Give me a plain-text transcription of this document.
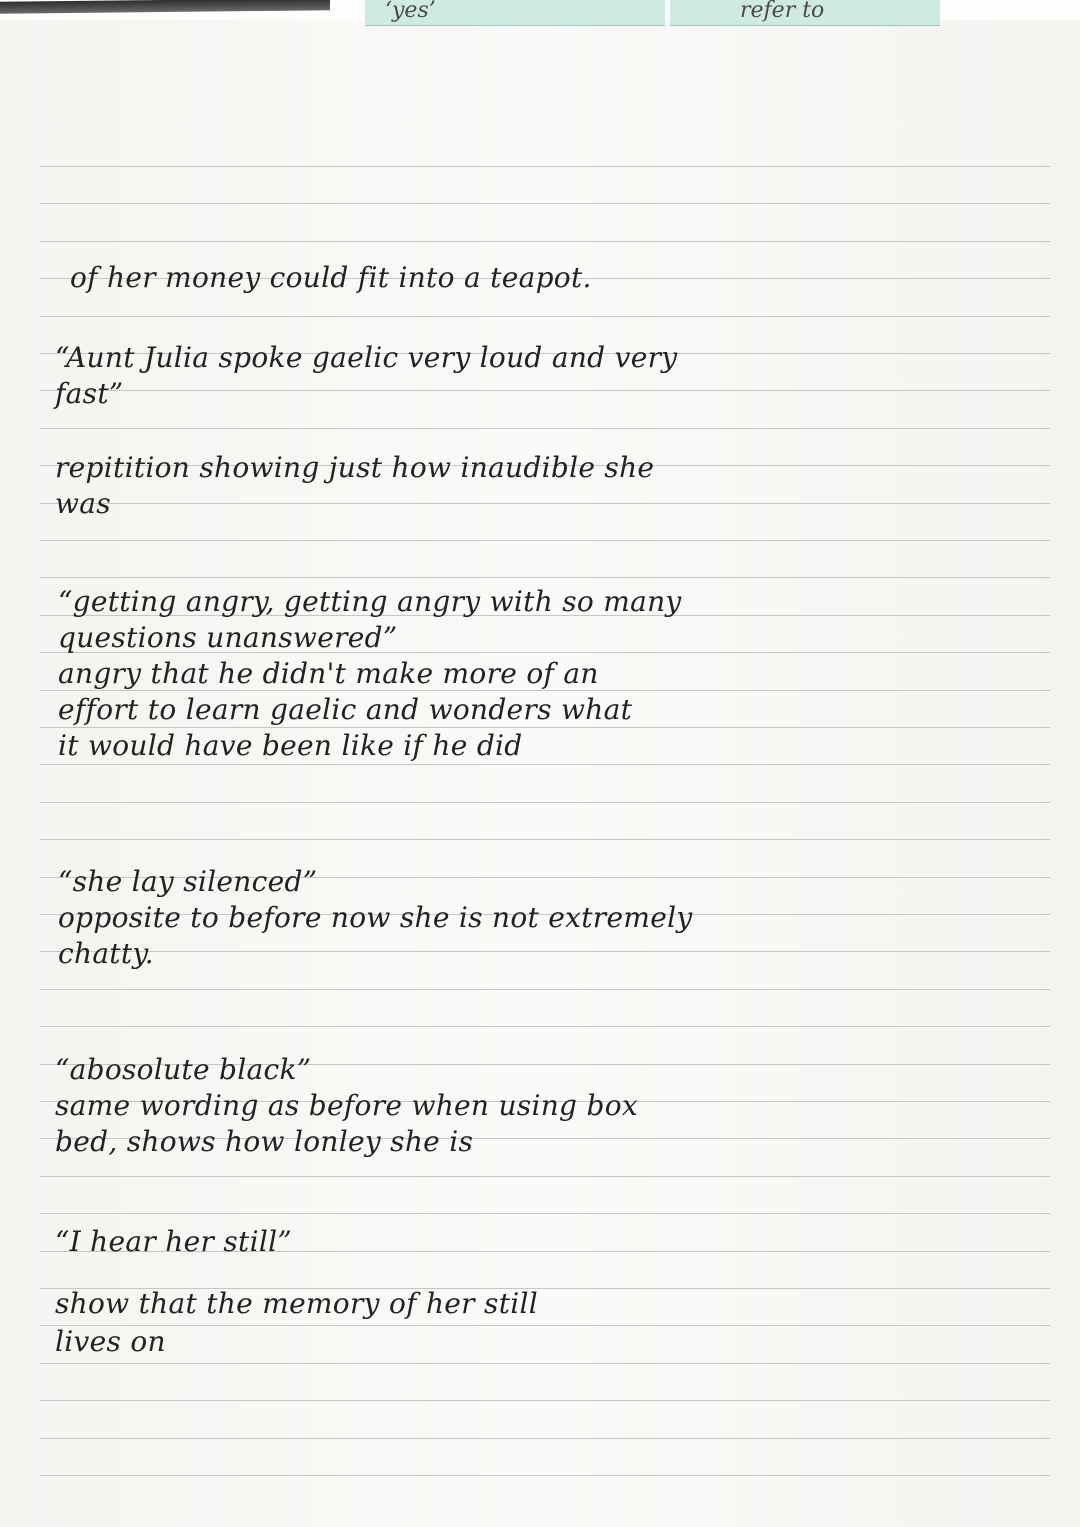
‘yes’	refer to
of her money could fit into a teapot.
“Aunt Julia spoke gaelic very loud and very
fast”
repitition showing just how inaudible she
was
“getting angry, getting angry with so many
questions unanswered”
angry that he didn't make more of an
effort to learn gaelic and wonders what
it would have been like if he did
“she lay silenced”
opposite to before now she is not extremely
chatty.
“abosolute black”
same wording as before when using box
bed, shows how lonley she is
“I hear her still”
show that the memory of her still
lives on
